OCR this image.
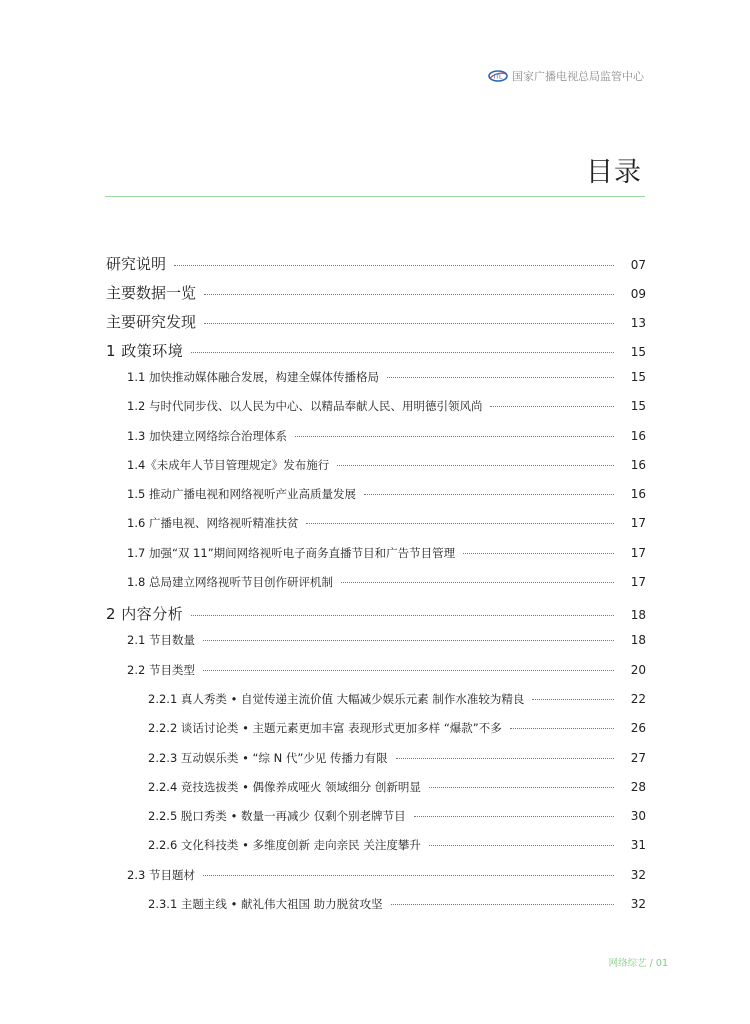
ITL 国家广播电视总局监管中心
目录
研究说明	07
主要数据一览	09
主要研究发现	13
1 政策环境	15
1.1 加快推动媒体融合发展，构建全媒体传播格局	15
1.2 与时代同步伐、以人民为中心、以精品奉献人民、用明德引领风尚	15
1.3 加快建立网络综合治理体系	16
1.4《未成年人节目管理规定》发布施行	16
1.5 推动广播电视和网络视听产业高质量发展	16
1.6 广播电视、网络视听精准扶贫	17
1.7 加强“双 11”期间网络视听电子商务直播节目和广告节目管理	17
1.8 总局建立网络视听节目创作研评机制	17
2 内容分析	18
2.1 节目数量	18
2.2 节目类型	20
2.2.1 真人秀类 • 自觉传递主流价值 大幅减少娱乐元素 制作水准较为精良	22
2.2.2 谈话讨论类 • 主题元素更加丰富 表现形式更加多样 “爆款”不多	26
2.2.3 互动娱乐类 • “综 N 代”少见 传播力有限	27
2.2.4 竞技选拔类 • 偶像养成哑火 领域细分 创新明显	28
2.2.5 脱口秀类 • 数量一再减少 仅剩个别老牌节目	30
2.2.6 文化科技类 • 多维度创新 走向亲民 关注度攀升	31
2.3 节目题材	32
2.3.1 主题主线 • 献礼伟大祖国 助力脱贫攻坚	32
网络综艺 / 01
